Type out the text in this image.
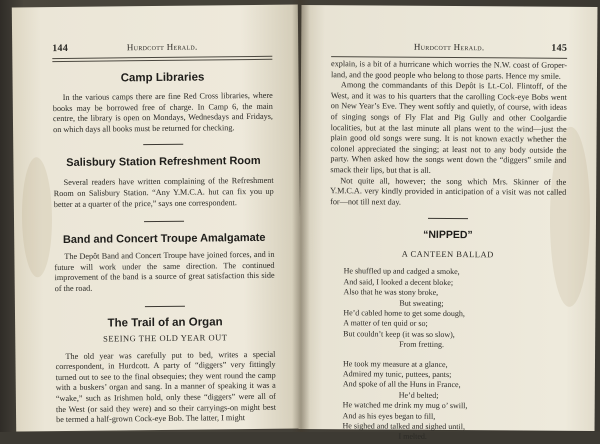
144	Hurdcott Herald.
Camp Libraries

In the various camps there are fine Red Cross libraries, where books may be borrowed free of charge. In Camp 6, the main centre, the library is open on Mondays, Wednesdays and Fridays, on which days all books must be returned for checking.

Salisbury Station Refreshment Room

Several readers have written complaining of the Refreshment Room on Salisbury Station. “Any Y.M.C.A. hut can fix you up better at a quarter of the price,” says one correspondent.

Band and Concert Troupe Amalgamate

The Depôt Band and Concert Troupe have joined forces, and in future will work under the same direction. The continued improvement of the band is a source of great satisfaction this side of the road.

The Trail of an Organ
SEEING THE OLD YEAR OUT

The old year was carefully put to bed, writes a special correspondent, in Hurdcott. A party of “diggers” very fittingly turned out to see to the final obsequies; they went round the camp with a buskers’ organ and sang. In a manner of speaking it was a “wake,” such as Irishmen hold, only these “diggers” were all of the West (or said they were) and so their carryings-on might best be termed a half-grown Cock-eye Bob. The latter, I might

Hurdcott Herald.	145

explain, is a bit of a hurricane which worries the N.W. coast of Groper-land, and the good people who belong to those parts. Hence my smile.

Among the commandants of this Depôt is Lt.-Col. Flintoff, of the West, and it was to his quarters that the carolling Cock-eye Bobs went on New Year’s Eve. They went softly and quietly, of course, with ideas of singing songs of Fly Flat and Pig Gully and other Coolgardie localities, but at the last minute all plans went to the wind—just the plain good old songs were sung. It is not known exactly whether the colonel appreciated the singing; at least not to any body outside the party. When asked how the songs went down the “diggers” smile and smack their lips, but that is all.

Not quite all, however; the song which Mrs. Skinner of the Y.M.C.A. very kindly provided in anticipation of a visit was not called for—not till next day.

“NIPPED”
A CANTEEN BALLAD
He shuffled up and cadged a smoke,
And said, I looked a decent bloke;
Also that he was stony broke,
But sweating;
He’d cabled home to get some dough,
A matter of ten quid or so;
But couldn’t keep (it was so slow),
From fretting.
He took my measure at a glance,
Admired my tunic, puttees, pants;
And spoke of all the Huns in France,
He’d belted;
He watched me drink my mug o’ swill,
And as his eyes began to fill,
He sighed and talked and sighed until,
I melted.
